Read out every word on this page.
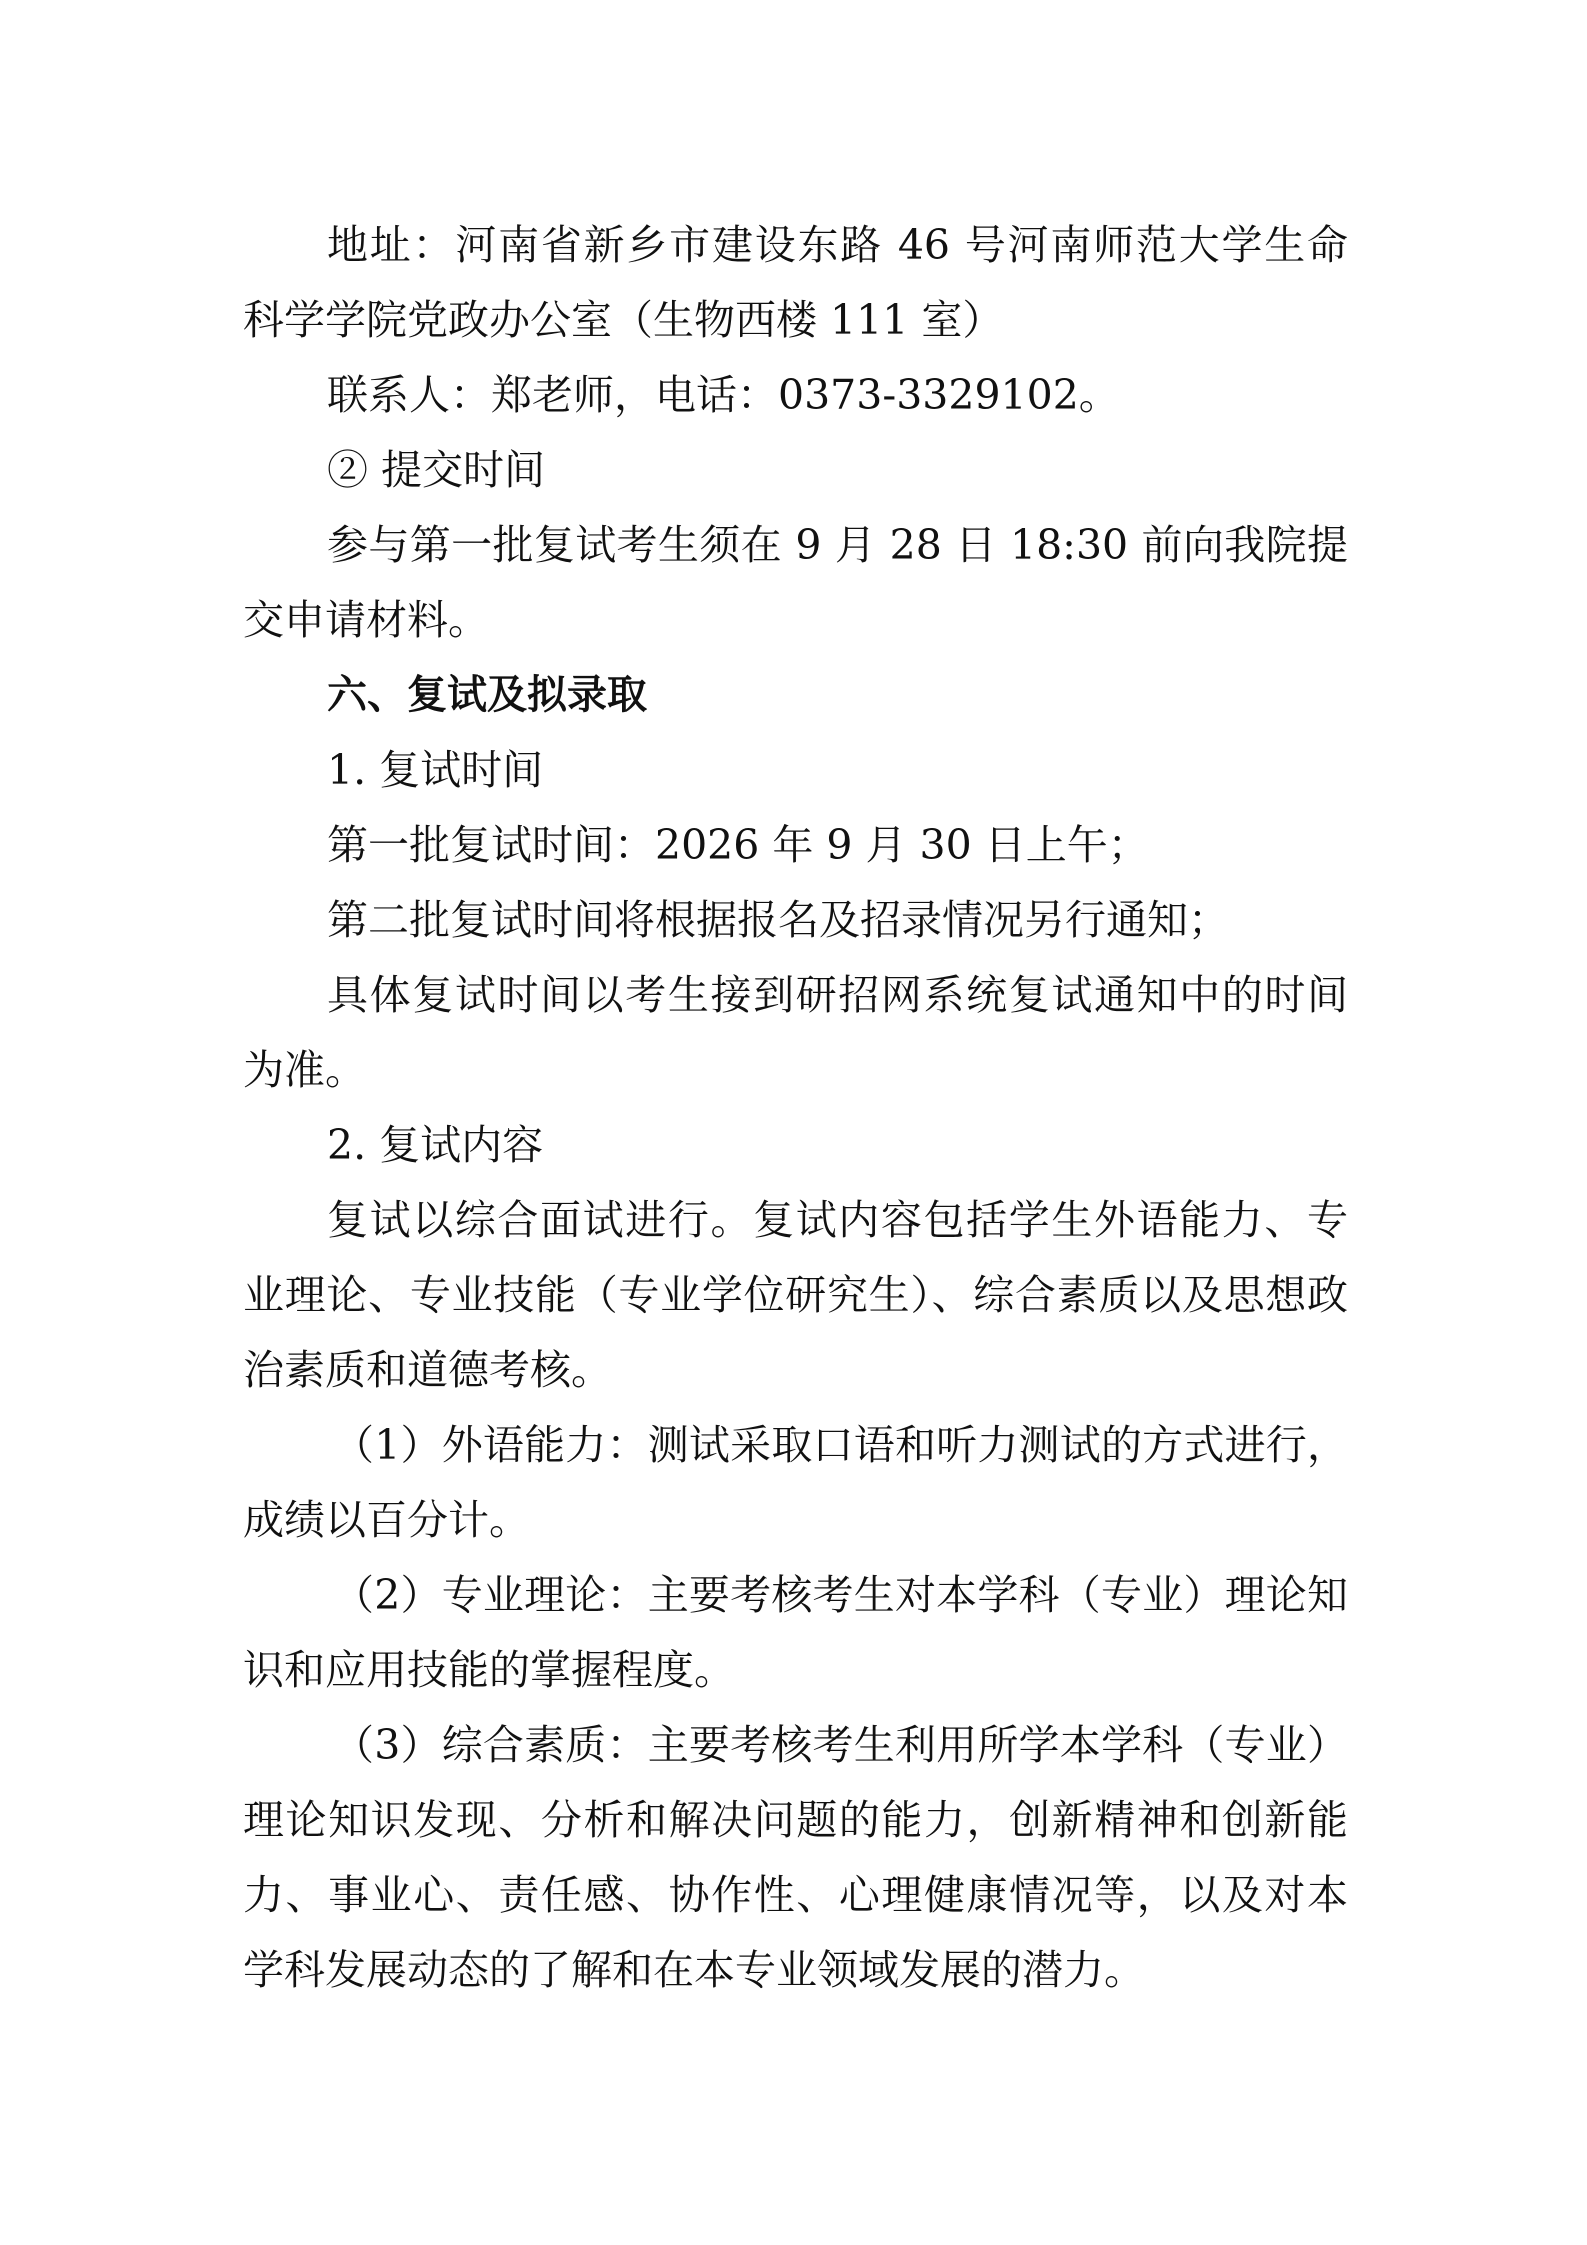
地址：河南省新乡市建设东路 46 号河南师范大学生命科学学院党政办公室（生物西楼 111 室）

联系人：郑老师，电话：0373-3329102。

② 提交时间

参与第一批复试考生须在 9 月 28 日 18:30 前向我院提交申请材料。

六、复试及拟录取

1. 复试时间

第一批复试时间：2026 年 9 月 30 日上午；

第二批复试时间将根据报名及招录情况另行通知；

具体复试时间以考生接到研招网系统复试通知中的时间为准。

2. 复试内容

复试以综合面试进行。复试内容包括学生外语能力、专业理论、专业技能（专业学位研究生）、综合素质以及思想政治素质和道德考核。

（1）外语能力：测试采取口语和听力测试的方式进行，成绩以百分计。

（2）专业理论：主要考核考生对本学科（专业）理论知识和应用技能的掌握程度。

（3）综合素质：主要考核考生利用所学本学科（专业）理论知识发现、分析和解决问题的能力，创新精神和创新能力、事业心、责任感、协作性、心理健康情况等，以及对本学科发展动态的了解和在本专业领域发展的潜力。
